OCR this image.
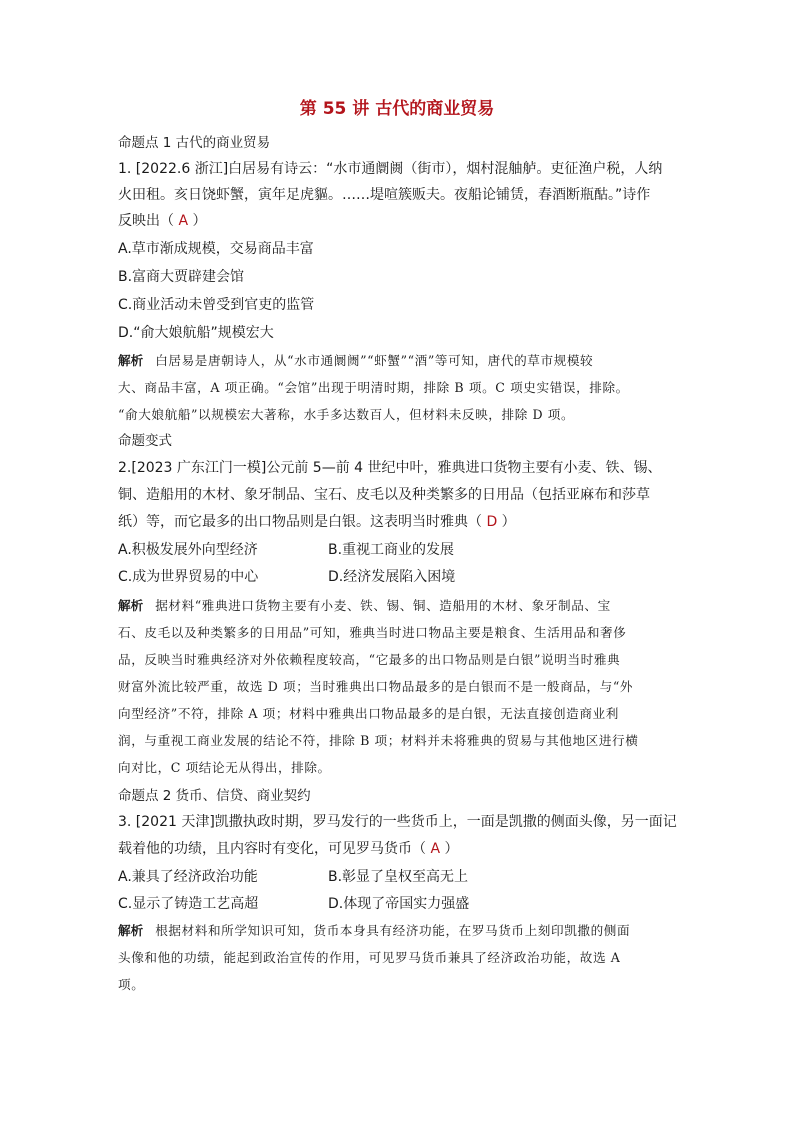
第 55 讲 古代的商业贸易
命题点 1 古代的商业贸易
1. [2022.6 浙江]白居易有诗云：“水市通阛阓（街市），烟村混舳舻。吏征渔户税，人纳
火田租。亥日饶虾蟹，寅年足虎貙。……堤喧簇贩夫。夜船论铺赁，春酒断瓶酤。”诗作
反映出（ A ）
A.草市渐成规模，交易商品丰富
B.富商大贾辟建会馆
C.商业活动未曾受到官吏的监管
D.“俞大娘航船”规模宏大
解析 白居易是唐朝诗人，从“水市通阛阓”“虾蟹”“酒”等可知，唐代的草市规模较
大、商品丰富，A 项正确。“会馆”出现于明清时期，排除 B 项。C 项史实错误，排除。
“俞大娘航船”以规模宏大著称，水手多达数百人，但材料未反映，排除 D 项。
命题变式
2.[2023 广东江门一模]公元前 5—前 4 世纪中叶，雅典进口货物主要有小麦、铁、锡、
铜、造船用的木材、象牙制品、宝石、皮毛以及种类繁多的日用品（包括亚麻布和莎草
纸）等，而它最多的出口物品则是白银。这表明当时雅典（ D ）
A.积极发展外向型经济	B.重视工商业的发展
C.成为世界贸易的中心	D.经济发展陷入困境
解析 据材料“雅典进口货物主要有小麦、铁、锡、铜、造船用的木材、象牙制品、宝
石、皮毛以及种类繁多的日用品”可知，雅典当时进口物品主要是粮食、生活用品和奢侈
品，反映当时雅典经济对外依赖程度较高，“它最多的出口物品则是白银”说明当时雅典
财富外流比较严重，故选 D 项；当时雅典出口物品最多的是白银而不是一般商品，与“外
向型经济”不符，排除 A 项；材料中雅典出口物品最多的是白银，无法直接创造商业利
润，与重视工商业发展的结论不符，排除 B 项；材料并未将雅典的贸易与其他地区进行横
向对比，C 项结论无从得出，排除。
命题点 2 货币、信贷、商业契约
3. [2021 天津]凯撒执政时期，罗马发行的一些货币上，一面是凯撒的侧面头像，另一面记
载着他的功绩，且内容时有变化，可见罗马货币（ A ）
A.兼具了经济政治功能	B.彰显了皇权至高无上
C.显示了铸造工艺高超	D.体现了帝国实力强盛
解析 根据材料和所学知识可知，货币本身具有经济功能，在罗马货币上刻印凯撒的侧面
头像和他的功绩，能起到政治宣传的作用，可见罗马货币兼具了经济政治功能，故选 A
项。
